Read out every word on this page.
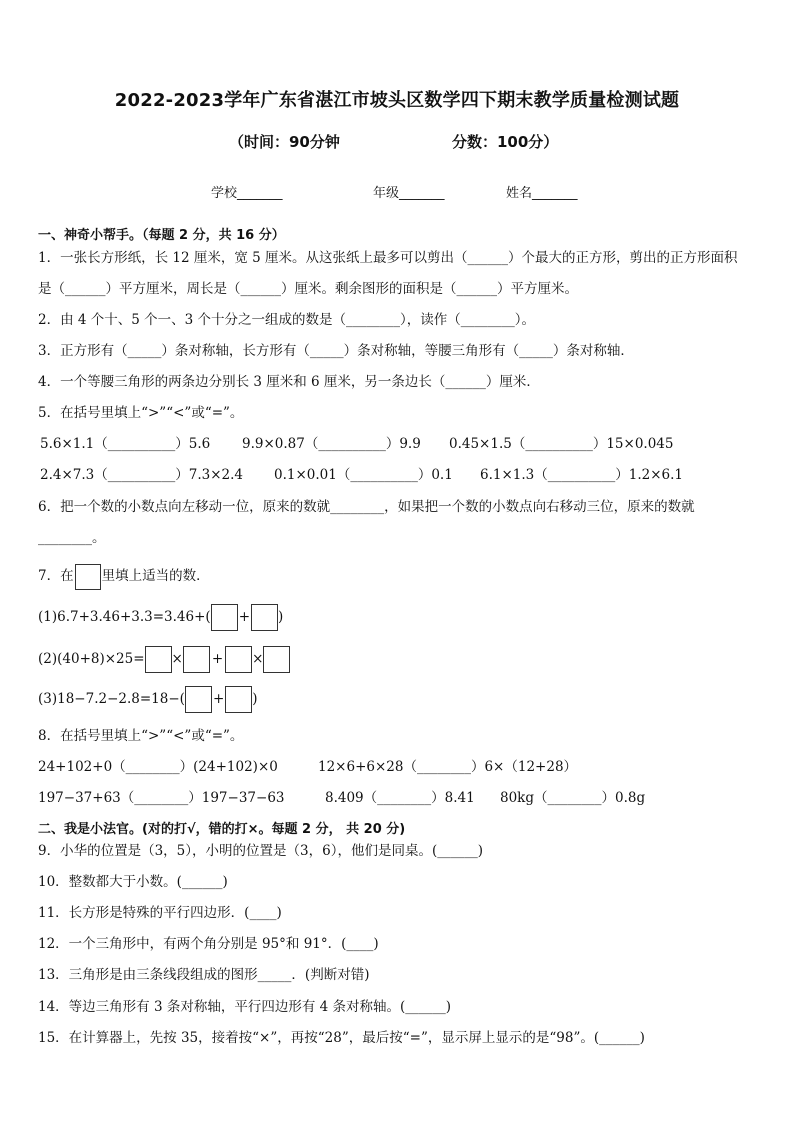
2022-2023学年广东省湛江市坡头区数学四下期末教学质量检测试题
（时间：90分钟	分数：100分）
学校_______	年级_______	姓名_______
一、神奇小帮手。（每题 2 分，共 16 分）
1．一张长方形纸，长 12 厘米，宽 5 厘米。从这张纸上最多可以剪出（______）个最大的正方形，剪出的正方形面积
是（______）平方厘米，周长是（______）厘米。剩余图形的面积是（______）平方厘米。
2．由 4 个十、5 个一、3 个十分之一组成的数是（________），读作（________）。
3．正方形有（_____）条对称轴，长方形有（_____）条对称轴，等腰三角形有（_____）条对称轴．
4．一个等腰三角形的两条边分别长 3 厘米和 6 厘米，另一条边长（______）厘米．
5．在括号里填上“>”“<”或“=”。
5.6×1.1（__________）5.6 9.9×0.87（__________）9.9 0.45×1.5（__________）15×0.045
2.4×7.3（__________）7.3×2.4 0.1×0.01（__________）0.1 6.1×1.3（__________）1.2×6.1
6．把一个数的小数点向左移动一位，原来的数就________，如果把一个数的小数点向右移动三位，原来的数就
________。
7．在 里填上适当的数．
(1)6.7+3.46+3.3=3.46+( + )
(2)(40+8)×25= × + ×
(3)18−7.2−2.8=18−( + )
8．在括号里填上“>”“<”或“=”。
24+102+0（________）(24+102)×0	12×6+6×28（________）6×（12+28）
197−37+63（________）197−37−63	8.409（________）8.41 80kg（________）0.8g
二、我是小法官。(对的打√，错的打×。每题 2 分， 共 20 分)
9．小华的位置是（3，5），小明的位置是（3，6），他们是同桌。(______)
10．整数都大于小数。(______)
11．长方形是特殊的平行四边形．(____)
12．一个三角形中，有两个角分别是 95°和 91°．(____)
13．三角形是由三条线段组成的图形_____．(判断对错)
14．等边三角形有 3 条对称轴，平行四边形有 4 条对称轴。(______)
15．在计算器上，先按 35，接着按“×”，再按“28”，最后按“=”，显示屏上显示的是“98”。(______)
